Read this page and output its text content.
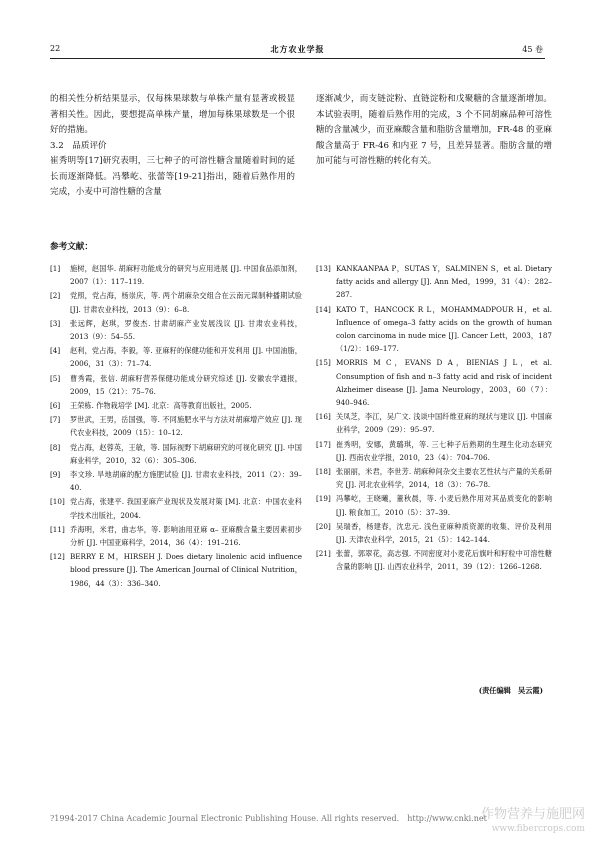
22	北方农业学报	45 卷

的相关性分析结果显示，仅每株果球数与单株产量有显著或极显著相关性。因此，要想提高单株产量，增加每株果球数是一个很好的措施。

3.2　品质评价

崔秀明等[17]研究表明，三七种子的可溶性糖含量随着时间的延长而逐渐降低。冯攀屹、张蕾等[19-21]指出，随着后熟作用的完成，小麦中可溶性糖的含量

逐渐减少，而支链淀粉、直链淀粉和戊聚糖的含量逐渐增加。本试验表明，随着后熟作用的完成，3 个不同胡麻品种可溶性糖的含量减少，而亚麻酸含量和脂肪含量增加，FR-48 的亚麻酸含量高于 FR-46 和内亚 7 号，且差异显著。脂肪含量的增加可能与可溶性糖的转化有关。

参考文献：
[1]	施树，赵国华. 胡麻籽功能成分的研究与应用进展 [J]. 中国食品添加剂，2007（1）：117–119.
[2]	党照，党占海，杨崇庆，等. 两个胡麻杂交组合在云南元谋制种播期试验 [J]. 甘肃农业科技，2013（9）：6–8.
[3]	张远辉，赵琪，罗俊杰. 甘肃胡麻产业发展浅议 [J]. 甘肃农业科技，2013（9）：54–55.
[4]	赵利，党占海，李毅，等. 亚麻籽的保健功能和开发利用 [J]. 中国油脂，2006，31（3）：71–74.
[5]	曹秀霞，张信. 胡麻籽营养保健功能成分研究综述 [J]. 安徽农学通报，2009，15（21）：75–76.
[6]	王荣栋. 作物栽培学 [M]. 北京：高等教育出版社，2005.
[7]	罗世武，王男，岳国强，等. 不同施肥水平与方法对胡麻增产效应 [J]. 现代农业科技，2009（15）：10–12.
[8]	党占海，赵蓉英，王敏，等. 国际视野下胡麻研究的可视化研究 [J]. 中国麻业科学，2010，32（6）：305–306.
[9]	李文珍. 旱地胡麻的配方施肥试验 [J]. 甘肃农业科技，2011（2）：39–40.
[10] 党占海，张建平. 我国亚麻产业现状及发展对策 [M]. 北京：中国农业科学技术出版社，2004.
[11] 乔海明，米君，曲志华，等. 影响油用亚麻 α– 亚麻酸含量主要因素初步分析 [J]. 中国亚麻科学，2014，36（4）：191–216.
[12] BERRY E M，HIRSEH J. Does dietary linolenic acid influence blood pressure [J]. The American Journal of Clinical Nutrition，1986，44（3）：336–340.
[13] KANKAANPAA P，SUTAS Y，SALMINEN S，et al. Dietary fatty acids and allergy [J]. Ann Med，1999，31（4）：282–287.
[14] KATO T，HANCOCK R L，MOHAMMADPOUR H，et al. Influence of omega–3 fatty acids on the growth of human colon carcinoma in nude mice [J]. Cancer Lett，2003，187（1/2）：169–177.
[15] MORRIS M C，EVANS D A，BIENIAS J L，et al. Consumption of fish and n–3 fatty acid and risk of incident Alzheimer disease [J]. Jama Neurology，2003，60（7）：940–946.
[16] 关凤芝，李江，吴广文. 浅谈中国纤维亚麻的现状与建议 [J]. 中国麻业科学，2009（29）：95–97.
[17] 崔秀明，安娜，黄璐琪，等. 三七种子后熟期的生理生化动态研究 [J]. 西南农业学报，2010，23（4）：704–706.
[18] 张丽丽，米君，李世芳. 胡麻种间杂交主要农艺性状与产量的关系研究 [J]. 河北农业科学，2014，18（3）：76–78.
[19] 冯攀屹，王晓曦，董秋晨，等. 小麦后熟作用对其品质变化的影响 [J]. 粮食加工，2010（5）：37–39.
[20] 吴瑞香，杨建春，沈忠元. 浅色亚麻种质资源的收集、评价及利用 [J]. 天津农业科学，2015，21（5）：142–144.
[21] 张蕾，郭翠花，高志强. 不同密度对小麦花后旗叶和籽粒中可溶性糖含量的影响 [J]. 山西农业科学，2011，39（12）：1266–1268.
(责任编辑　吴云霞)
?1994-2017 China Academic Journal Electronic Publishing House. All rights reserved.　http://www.cnki.net
作物营养与施肥网
www.fibercrops.com
